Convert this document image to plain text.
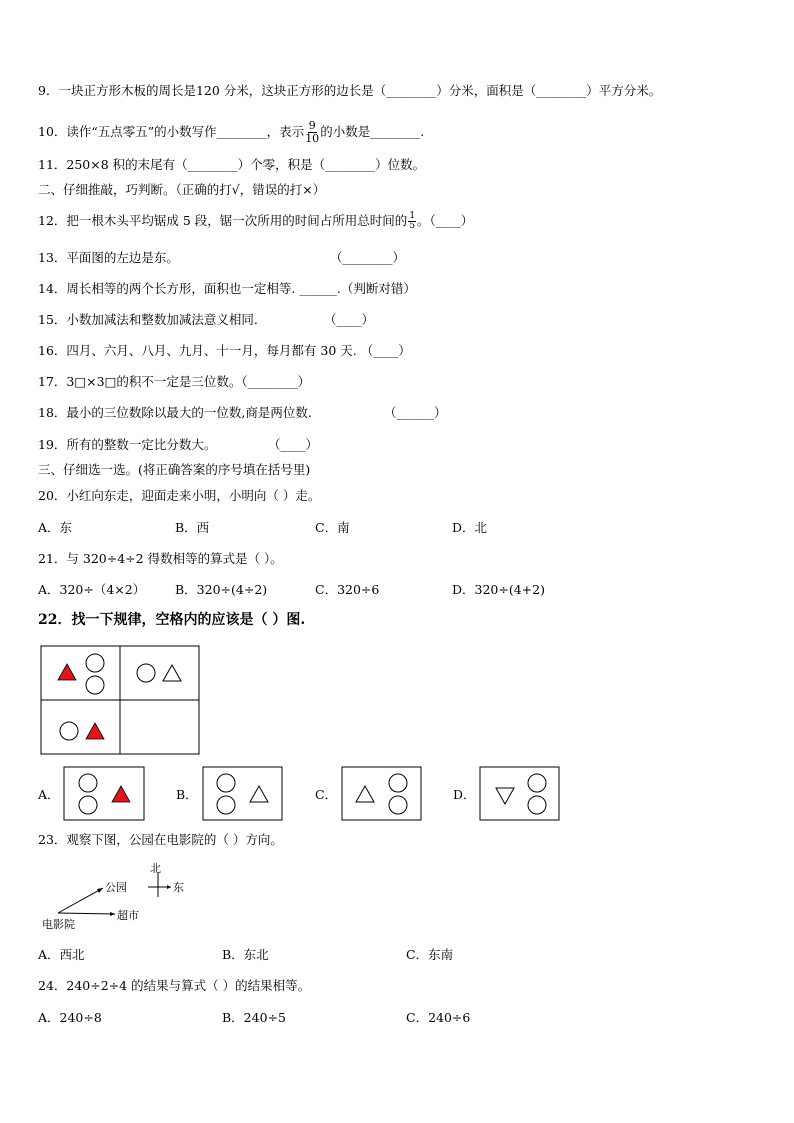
9．一块正方形木板的周长是120 分米，这块正方形的边长是（________）分米，面积是（________）平方分米。
10．读作“五点零五”的小数写作________，表示 $\frac{9}{10}$ 的小数是________.
11．250×8 积的末尾有（________）个零，积是（________）位数。
二、仔细推敲，巧判断。（正确的打√，错误的打×）
12．把一根木头平均锯成 5 段，锯一次所用的时间占所用总时间的 $\frac{1}{5}$ 。（____）
13．平面图的左边是东。	（________）
14．周长相等的两个长方形，面积也一定相等. ______.（判断对错）
15．小数加减法和整数加减法意义相同.	（____）
16．四月、六月、八月、九月、十一月，每月都有 30 天. （____）
17．3□×3□的积不一定是三位数。（________）
18．最小的三位数除以最大的一位数,商是两位数.	（______）
19．所有的整数一定比分数大。	（____）
三、仔细选一选。(将正确答案的序号填在括号里)
20．小红向东走，迎面走来小明，小明向（ ）走。
A．东	B．西	C．南	D．北
21．与 320÷4÷2 得数相等的算式是（ ）。
A．320÷（4×2） B．320÷(4÷2)	C．320÷6	D．320÷(4+2)
22．找一下规律，空格内的应该是（ ）图.
A．	B．	C．	D．
23．观察下图，公园在电影院的（ ）方向。
北
东
公园
超市
电影院
A．西北	B．东北	C．东南
24．240÷2÷4 的结果与算式（ ）的结果相等。
A．240÷8	B．240÷5	C．240÷6
